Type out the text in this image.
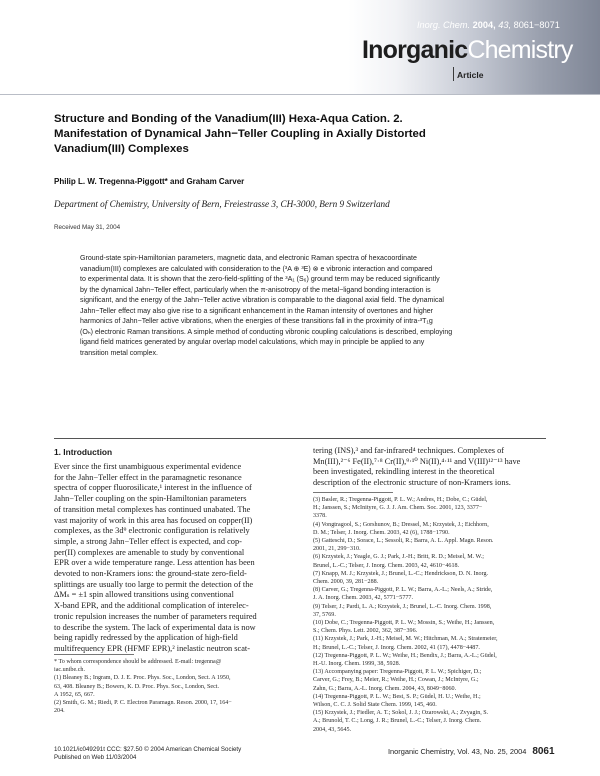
Inorg. Chem. 2004, 43, 8061−8071
InorganicChemistry
Article
Structure and Bonding of the Vanadium(III) Hexa-Aqua Cation. 2.
Manifestation of Dynamical Jahn−Teller Coupling in Axially Distorted
Vanadium(III) Complexes
Philip L. W. Tregenna-Piggott* and Graham Carver
Department of Chemistry, University of Bern, Freiestrasse 3, CH-3000, Bern 9 Switzerland
Received May 31, 2004
Ground-state spin-Hamiltonian parameters, magnetic data, and electronic Raman spectra of hexacoordinate
vanadium(III) complexes are calculated with consideration to the (³A ⊕ ³E) ⊗ e vibronic interaction and compared
to experimental data. It is shown that the zero-field-splitting of the ³A₁ (S₆) ground term may be reduced significantly
by the dynamical Jahn−Teller effect, particularly when the π-anisotropy of the metal−ligand bonding interaction is
significant, and the energy of the Jahn−Teller active vibration is comparable to the diagonal axial field. The dynamical
Jahn−Teller effect may also give rise to a significant enhancement in the Raman intensity of overtones and higher
harmonics of Jahn−Teller active vibrations, when the energies of these transitions fall in the proximity of intra-³T₁g
(Oₕ) electronic Raman transitions. A simple method of conducting vibronic coupling calculations is described, employing
ligand field matrices generated by angular overlap model calculations, which may in principle be applied to any
transition metal complex.
1. Introduction
Ever since the first unambiguous experimental evidence
for the Jahn−Teller effect in the paramagnetic resonance
spectra of copper fluorosilicate,¹ interest in the influence of
Jahn−Teller coupling on the spin-Hamiltonian parameters
of transition metal complexes has continued unabated. The
vast majority of work in this area has focused on copper(II)
complexes, as the 3d⁹ electronic configuration is relatively
simple, a strong Jahn−Teller effect is expected, and cop-
per(II) complexes are amenable to study by conventional
EPR over a wide temperature range. Less attention has been
devoted to non-Kramers ions: the ground-state zero-field-
splittings are usually too large to permit the detection of the
ΔMₛ = ±1 spin allowed transitions using conventional
X-band EPR, and the additional complication of interelec-
tronic repulsion increases the number of parameters required
to describe the system. The lack of experimental data is now
being rapidly redressed by the application of high-field
multifrequency EPR (HFMF EPR),² inelastic neutron scat-
* To whom correspondence should be addressed. E-mail: tregenna@
iac.unibe.ch.
(1) Bleaney B.; Ingram, D. J. E. Proc. Phys. Soc., London, Sect. A 1950,
63, 408. Bleaney B.; Bowers, K. D. Proc. Phys. Soc., London, Sect.
A 1952, 65, 667.
(2) Smith, G. M.; Riedi, P. C. Electron Paramagn. Reson. 2000, 17, 164−
204.
tering (INS),³ and far-infrared⁴ techniques. Complexes of
Mn(III),²⁻⁶ Fe(II),⁷·⁸ Cr(II),⁹·¹⁰ Ni(II),⁴·¹¹ and V(III)¹²⁻¹³ have
been investigated, rekindling interest in the theoretical
description of the electronic structure of non-Kramers ions.
(3) Basler, R.; Tregenna-Piggott, P. L. W.; Andres, H.; Dobe, C.; Güdel,
H.; Janssen, S.; McInityre, G. J. J. Am. Chem. Soc. 2001, 123, 3377−
3378.
(4) Vongtragool, S.; Gorshunov, B.; Dressel, M.; Krzystek, J.; Eichhorn,
D. M.; Telser, J. Inorg. Chem. 2003, 42 (6), 1788−1790.
(5) Gatteschi, D.; Sorace, L.; Sessoli, R.; Barra, A. L. Appl. Magn. Reson.
2001, 21, 299−310.
(6) Krzystek, J.; Yeagle, G. J.; Park, J.-H.; Britt, R. D.; Meisel, M. W.;
Brunel, L.-C.; Telser, J. Inorg. Chem. 2003, 42, 4610−4618.
(7) Knapp, M. J.; Krzystek, J.; Brunel, L.-C.; Hendrickson, D. N. Inorg.
Chem. 2000, 39, 281−288.
(8) Carver, G.; Tregenna-Piggott, P. L. W.; Barra, A.-L.; Neels, A.; Stride,
J. A. Inorg. Chem. 2003, 42, 5771−5777.
(9) Telser, J.; Pardi, L. A.; Krzystek, J.; Brunel, L.-C. Inorg. Chem. 1998,
37, 5769.
(10) Dobe, C.; Tregenna-Piggott, P. L. W.; Mossin, S.; Weihe, H.; Janssen,
S.; Chem. Phys. Lett. 2002, 362, 387−396.
(11) Krzystek, J.; Park, J.-H.; Meisel, M. W.; Hitchman, M. A.; Stratemeier,
H.; Brunel, L.-C.; Telser, J. Inorg. Chem. 2002, 41 (17), 4478−4487.
(12) Tregenna-Piggott, P. L. W.; Weihe, H.; Bendix, J.; Barra, A.-L.; Güdel,
H.-U. Inorg. Chem. 1999, 38, 5928.
(13) Accompanying paper: Tregenna-Piggott, P. L. W.; Spichiger, D.;
Carver, G.; Frey, B.; Meier, R.; Weihe, H.; Cowan, J.; McIntyre, G.;
Zahn, G.; Barra, A.-L. Inorg. Chem. 2004, 43, 8049−8060.
(14) Tregenna-Piggott, P. L. W.; Best, S. P.; Güdel, H. U.; Weihe, H.;
Wilson, C. C. J. Solid State Chem. 1999, 145, 460.
(15) Krzystek, J.; Fiedler, A. T.; Sokol, J. J.; Ozarowski, A.; Zvyagin, S.
A.; Brunold, T. C.; Long, J. R.; Brunel, L.-C.; Telser, J. Inorg. Chem.
2004, 43, 5645.
10.1021/ic049291t CCC: $27.50 © 2004 American Chemical Society
Published on Web 11/03/2004
Inorganic Chemistry, Vol. 43, No. 25, 2004 8061
